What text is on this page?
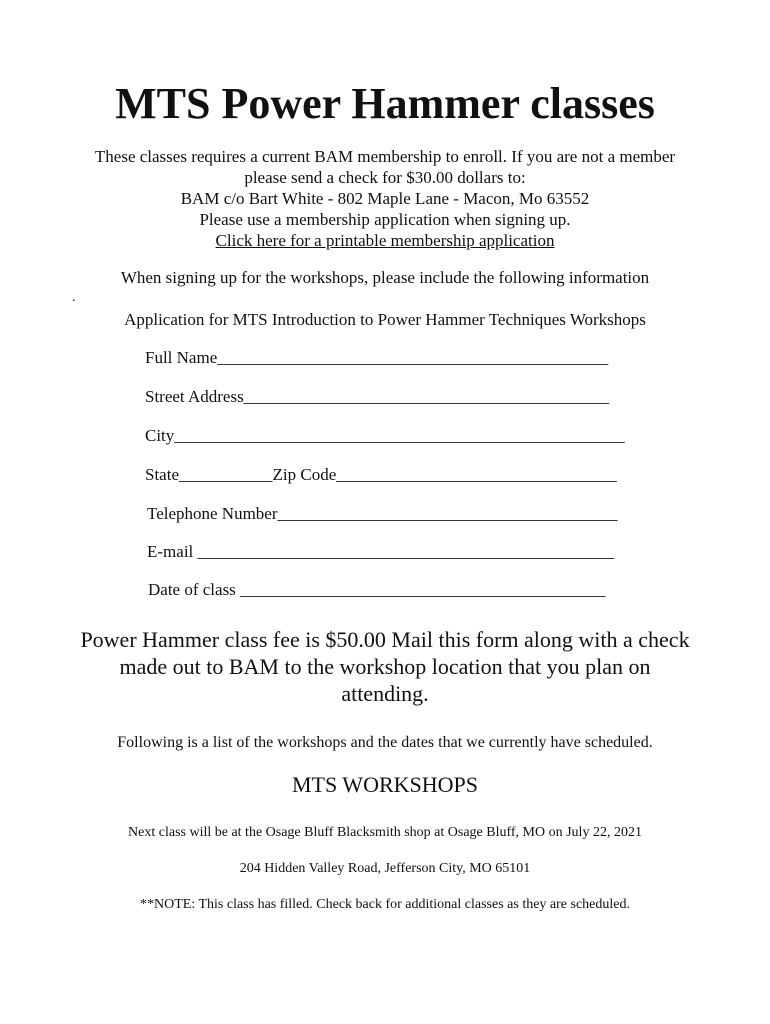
MTS Power Hammer classes
These classes requires a current BAM membership to enroll. If you are not a member
please send a check for $30.00 dollars to:
BAM c/o Bart White - 802 Maple Lane - Macon, Mo 63552
Please use a membership application when signing up.
Click here for a printable membership application
When signing up for the workshops, please include the following information
.
Application for MTS Introduction to Power Hammer Techniques Workshops
Full Name______________________________________________
Street Address___________________________________________
City_____________________________________________________
State___________Zip Code_________________________________
Telephone Number________________________________________
E-mail _________________________________________________
Date of class ___________________________________________
Power Hammer class fee is $50.00 Mail this form along with a check
made out to BAM to the workshop location that you plan on
attending.
Following is a list of the workshops and the dates that we currently have scheduled.
MTS WORKSHOPS
Next class will be at the Osage Bluff Blacksmith shop at Osage Bluff, MO on July 22, 2021
204 Hidden Valley Road, Jefferson City, MO 65101
**NOTE: This class has filled. Check back for additional classes as they are scheduled.
